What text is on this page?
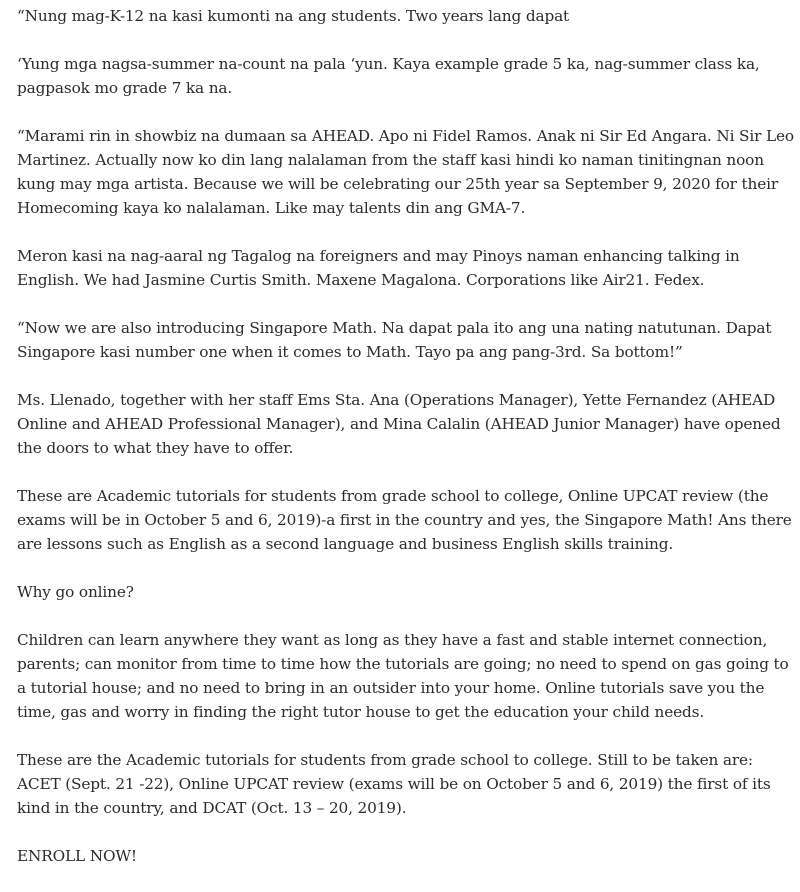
“Nung mag-K-12 na kasi kumonti na ang students. Two years lang dapat

‘Yung mga nagsa-summer na-count na pala ‘yun. Kaya example grade 5 ka, nag-summer class ka, pagpasok mo grade 7 ka na.

“Marami rin in showbiz na dumaan sa AHEAD. Apo ni Fidel Ramos. Anak ni Sir Ed Angara. Ni Sir Leo Martinez. Actually now ko din lang nalalaman from the staff kasi hindi ko naman tinitingnan noon kung may mga artista. Because we will be celebrating our 25th year sa September 9, 2020 for their Homecoming kaya ko nalalaman. Like may talents din ang GMA-7.

Meron kasi na nag-aaral ng Tagalog na foreigners and may Pinoys naman enhancing talking in English. We had Jasmine Curtis Smith. Maxene Magalona. Corporations like Air21. Fedex.

“Now we are also introducing Singapore Math. Na dapat pala ito ang una nating natutunan. Dapat Singapore kasi number one when it comes to Math. Tayo pa ang pang-3rd. Sa bottom!”

Ms. Llenado, together with her staff Ems Sta. Ana (Operations Manager), Yette Fernandez (AHEAD Online and AHEAD Professional Manager), and Mina Calalin (AHEAD Junior Manager) have opened the doors to what they have to offer.

These are Academic tutorials for students from grade school to college, Online UPCAT review (the exams will be in October 5 and 6, 2019)-a first in the country and yes, the Singapore Math! Ans there are lessons such as English as a second language and business English skills training.

Why go online?

Children can learn anywhere they want as long as they have a fast and stable internet connection, parents; can monitor from time to time how the tutorials are going; no need to spend on gas going to a tutorial house; and no need to bring in an outsider into your home. Online tutorials save you the time, gas and worry in finding the right tutor house to get the education your child needs.

These are the Academic tutorials for students from grade school to college. Still to be taken are: ACET (Sept. 21 -22), Online UPCAT review (exams will be on October 5 and 6, 2019) the first of its kind in the country, and DCAT (Oct. 13 – 20, 2019).

ENROLL NOW!
